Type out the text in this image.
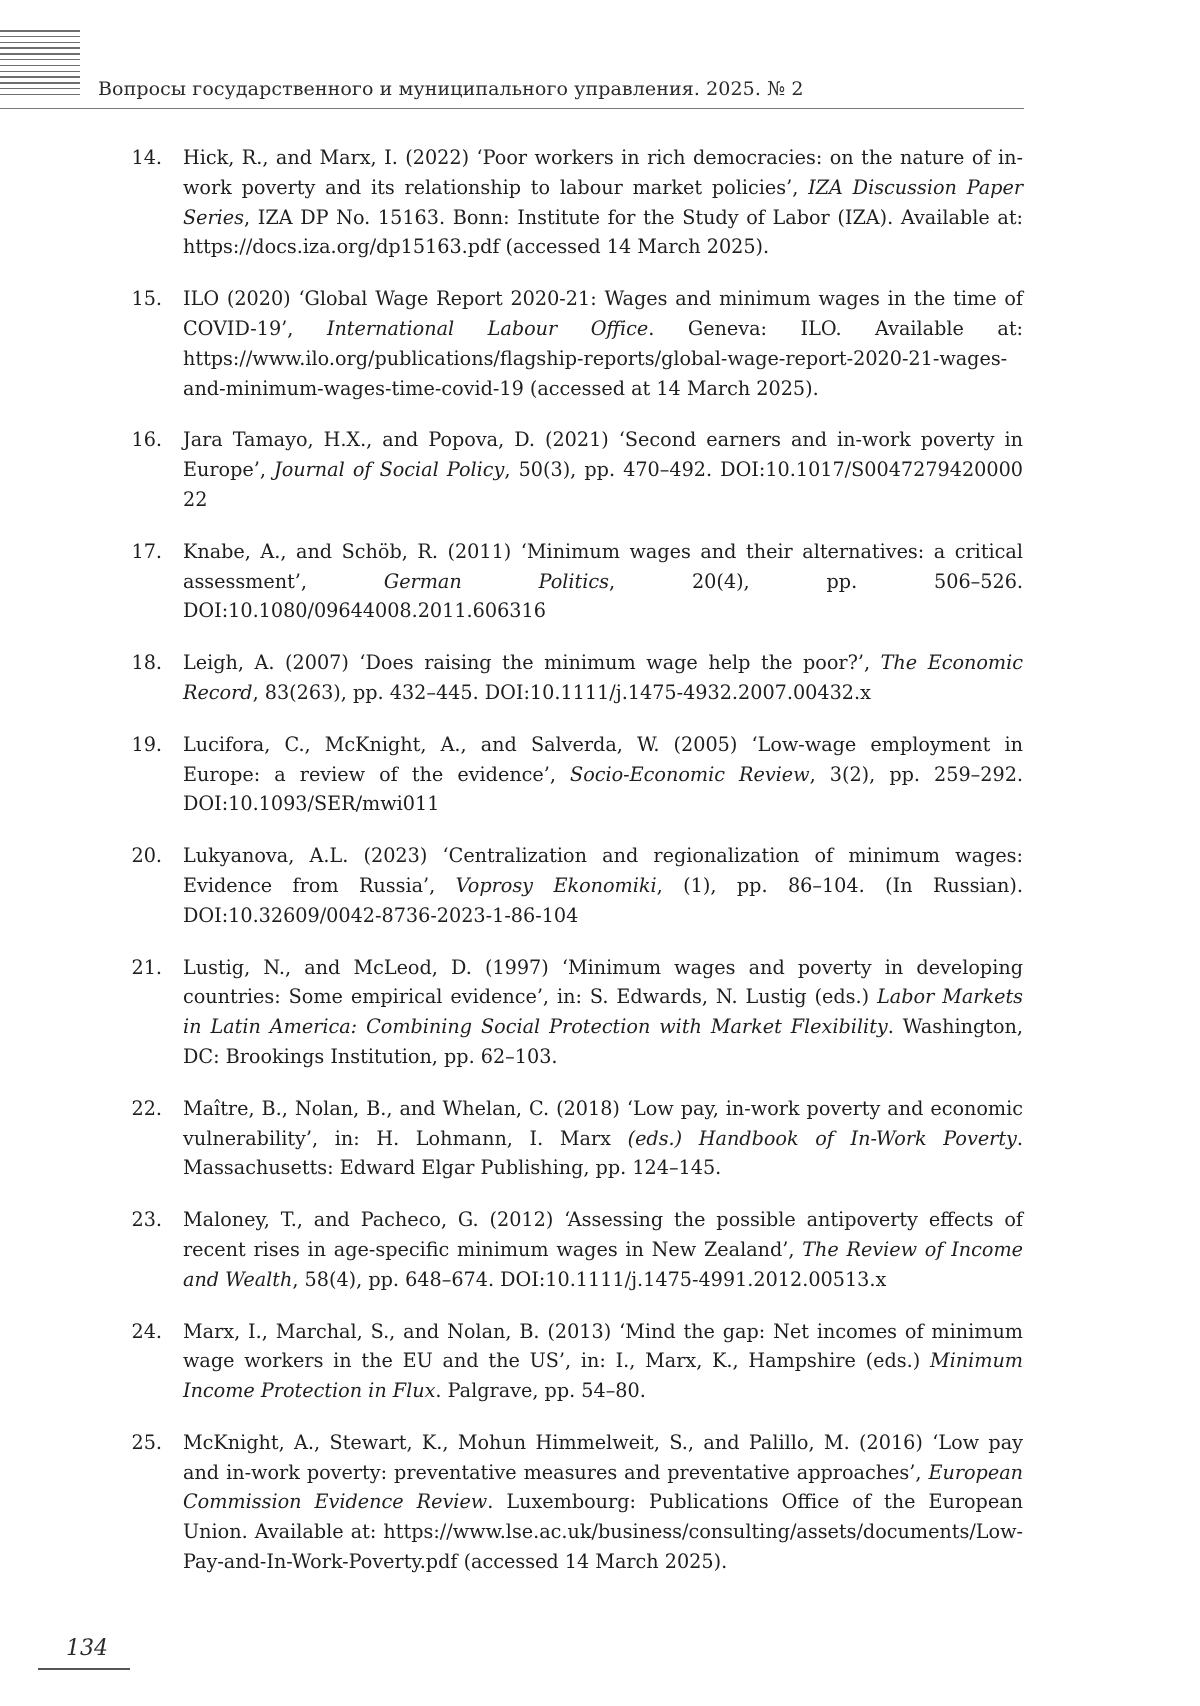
Вопросы государственного и муниципального управления. 2025. № 2
14. Hick, R., and Marx, I. (2022) ‘Poor workers in rich democracies: on the nature of in-work poverty and its relationship to labour market policies’, IZA Discussion Paper Series, IZA DP No. 15163. Bonn: Institute for the Study of Labor (IZA). Available at: https://docs.iza.org/dp15163.pdf (accessed 14 March 2025).
15. ILO (2020) ‘Global Wage Report 2020-21: Wages and minimum wages in the time of COVID-19’, International Labour Office. Geneva: ILO. Available at: https://www.ilo.org/publications/flagship-reports/global-wage-report-2020-21-wages-and-minimum-wages-time-covid-19 (accessed at 14 March 2025).
16. Jara Tamayo, H.X., and Popova, D. (2021) ‘Second earners and in-work poverty in Europe’, Journal of Social Policy, 50(3), pp. 470–492. DOI:10.1017/S0047279420000​22
17. Knabe, A., and Schöb, R. (2011) ‘Minimum wages and their alternatives: a critical assessment’, German Politics, 20(4), pp. 506–526. DOI:10.1080/09644008.2011.606316
18. Leigh, A. (2007) ‘Does raising the minimum wage help the poor?’, The Economic Record, 83(263), pp. 432–445. DOI:10.1111/j.1475-4932.2007.00432.x
19. Lucifora, C., McKnight, A., and Salverda, W. (2005) ‘Low-wage employment in Europe: a review of the evidence’, Socio-Economic Review, 3(2), pp. 259–292. DOI:10.1093/SER/mwi011
20. Lukyanova, A.L. (2023) ‘Centralization and regionalization of minimum wages: Evidence from Russia’, Voprosy Ekonomiki, (1), pp. 86–104. (In Russian). DOI:10.32609/0042-8736-2023-1-86-104
21. Lustig, N., and McLeod, D. (1997) ‘Minimum wages and poverty in developing countries: Some empirical evidence’, in: S. Edwards, N. Lustig (eds.) Labor Markets in Latin America: Combining Social Protection with Market Flexibility. Washington, DC: Brookings Institution, pp. 62–103.
22. Maître, B., Nolan, B., and Whelan, C. (2018) ‘Low pay, in-work poverty and economic vulnerability’, in: H. Lohmann, I. Marx (eds.) Handbook of In-Work Poverty. Massachusetts: Edward Elgar Publishing, pp. 124–145.
23. Maloney, T., and Pacheco, G. (2012) ‘Assessing the possible antipoverty effects of recent rises in age-specific minimum wages in New Zealand’, The Review of Income and Wealth, 58(4), pp. 648–674. DOI:10.1111/j.1475-4991.2012.00513.x
24. Marx, I., Marchal, S., and Nolan, B. (2013) ‘Mind the gap: Net incomes of minimum wage workers in the EU and the US’, in: I., Marx, K., Hampshire (eds.) Minimum Income Protection in Flux. Palgrave, pp. 54–80.
25. McKnight, A., Stewart, K., Mohun Himmelweit, S., and Palillo, M. (2016) ‘Low pay and in-work poverty: preventative measures and preventative approaches’, European Commission Evidence Review. Luxembourg: Publications Office of the European Union. Available at: https://www.lse.ac.uk/business/consulting/assets/documents/Low-Pay-and-In-Work-Poverty.pdf (accessed 14 March 2025).
134
